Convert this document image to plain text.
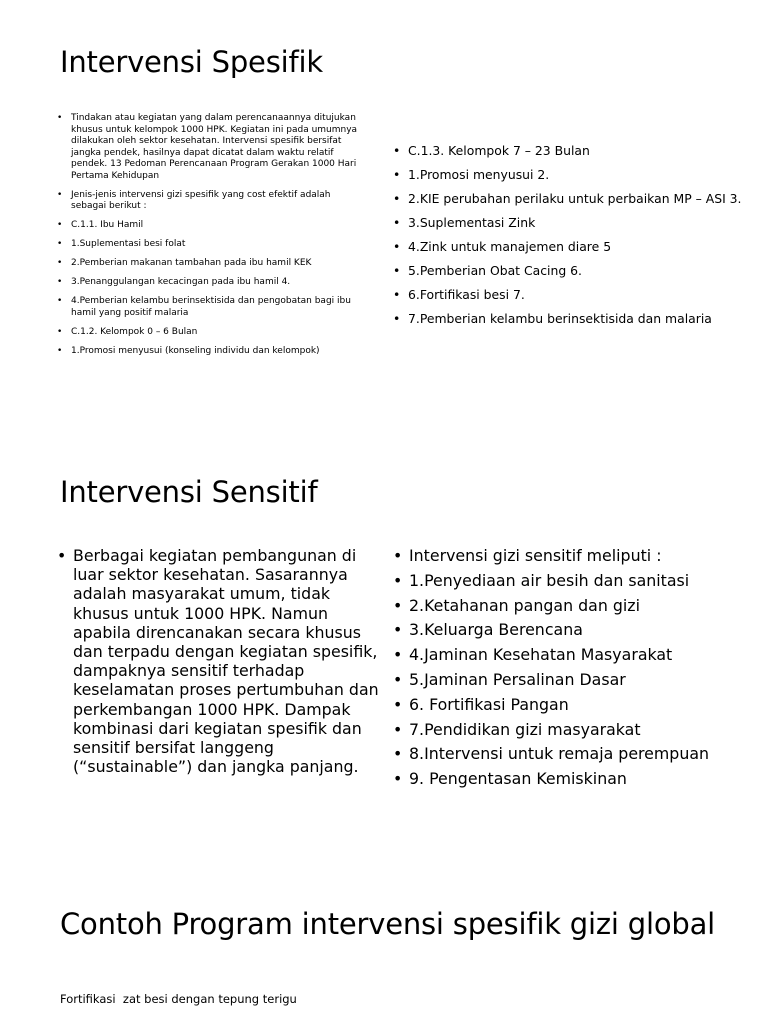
Intervensi Spesifik
• Tindakan atau kegiatan yang dalam perencanaannya ditujukan khusus untuk kelompok 1000 HPK. Kegiatan ini pada umumnya dilakukan oleh sektor kesehatan. Intervensi spesifik bersifat jangka pendek, hasilnya dapat dicatat dalam waktu relatif pendek. 13 Pedoman Perencanaan Program Gerakan 1000 Hari Pertama Kehidupan
• Jenis-jenis intervensi gizi spesifik yang cost efektif adalah sebagai berikut :
• C.1.1. Ibu Hamil
• 1.Suplementasi besi folat
• 2.Pemberian makanan tambahan pada ibu hamil KEK
• 3.Penanggulangan kecacingan pada ibu hamil 4.
• 4.Pemberian kelambu berinsektisida dan pengobatan bagi ibu hamil yang positif malaria
• C.1.2. Kelompok 0 – 6 Bulan
• 1.Promosi menyusui (konseling individu dan kelompok)
• C.1.3. Kelompok 7 – 23 Bulan
• 1.Promosi menyusui 2.
• 2.KIE perubahan perilaku untuk perbaikan MP – ASI 3.
• 3.Suplementasi Zink
• 4.Zink untuk manajemen diare 5
• 5.Pemberian Obat Cacing 6.
• 6.Fortifikasi besi 7.
• 7.Pemberian kelambu berinsektisida dan malaria
Intervensi Sensitif
• Berbagai kegiatan pembangunan di luar sektor kesehatan. Sasarannya adalah masyarakat umum, tidak khusus untuk 1000 HPK. Namun apabila direncanakan secara khusus dan terpadu dengan kegiatan spesifik, dampaknya sensitif terhadap keselamatan proses pertumbuhan dan perkembangan 1000 HPK. Dampak kombinasi dari kegiatan spesifik dan sensitif bersifat langgeng (“sustainable”) dan jangka panjang.
• Intervensi gizi sensitif meliputi :
• 1.Penyediaan air besih dan sanitasi
• 2.Ketahanan pangan dan gizi
• 3.Keluarga Berencana
• 4.Jaminan Kesehatan Masyarakat
• 5.Jaminan Persalinan Dasar
• 6. Fortifikasi Pangan
• 7.Pendidikan gizi masyarakat
• 8.Intervensi untuk remaja perempuan
• 9. Pengentasan Kemiskinan
Contoh Program intervensi spesifik gizi global

Fortifikasi  zat besi dengan tepung terigu
